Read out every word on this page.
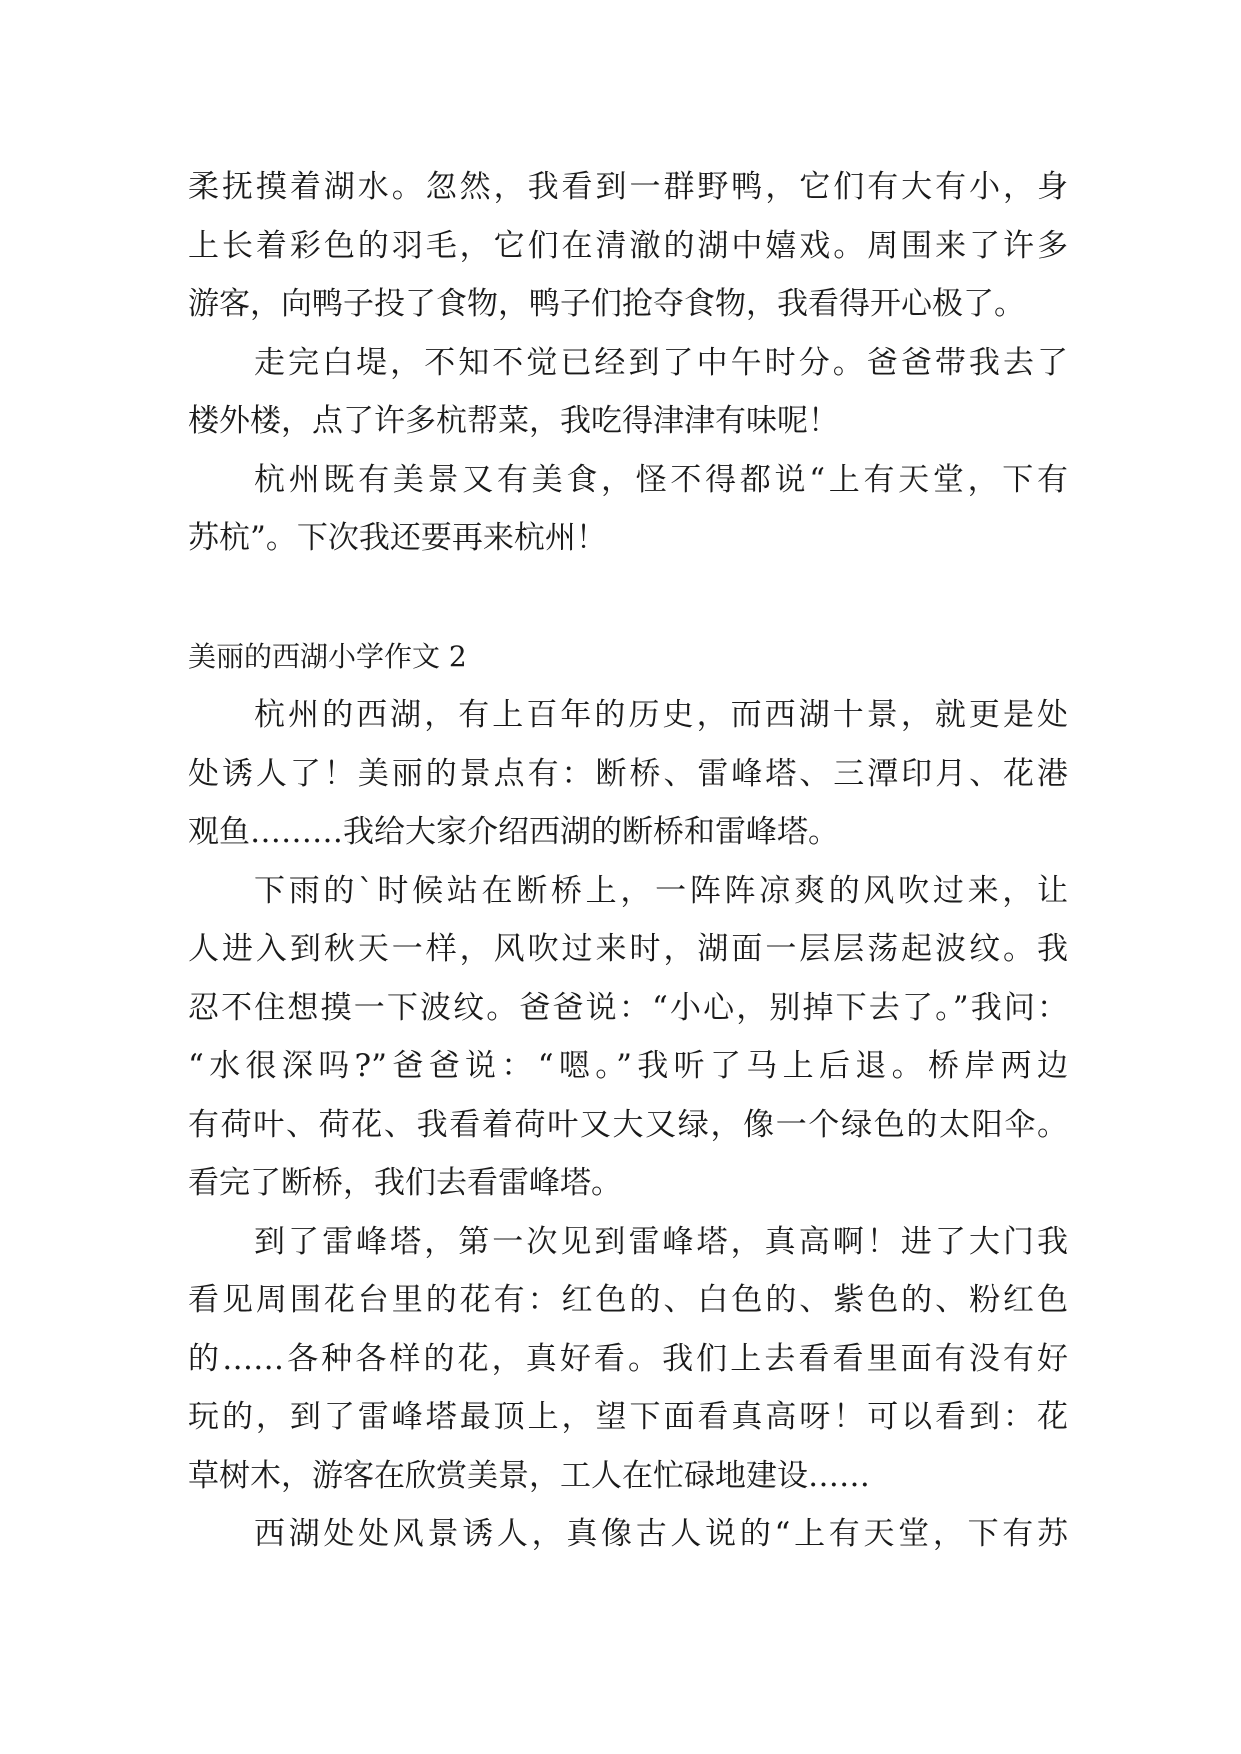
柔抚摸着湖水。忽然，我看到一群野鸭，它们有大有小，身
上长着彩色的羽毛，它们在清澈的湖中嬉戏。周围来了许多
游客，向鸭子投了食物，鸭子们抢夺食物，我看得开心极了。
走完白堤，不知不觉已经到了中午时分。爸爸带我去了
楼外楼，点了许多杭帮菜，我吃得津津有味呢！
杭州既有美景又有美食，怪不得都说“上有天堂，下有
苏杭”。下次我还要再来杭州！
美丽的西湖小学作文 2
杭州的西湖，有上百年的历史，而西湖十景，就更是处
处诱人了！美丽的景点有：断桥、雷峰塔、三潭印月、花港
观鱼………我给大家介绍西湖的断桥和雷峰塔。
下雨的`时候站在断桥上，一阵阵凉爽的风吹过来，让
人进入到秋天一样，风吹过来时，湖面一层层荡起波纹。我
忍不住想摸一下波纹。爸爸说：“小心，别掉下去了。”我问：
“水很深吗?”爸爸说：“嗯。”我听了马上后退。桥岸两边
有荷叶、荷花、我看着荷叶又大又绿，像一个绿色的太阳伞。
看完了断桥，我们去看雷峰塔。
到了雷峰塔，第一次见到雷峰塔，真高啊！进了大门我
看见周围花台里的花有：红色的、白色的、紫色的、粉红色
的……各种各样的花，真好看。我们上去看看里面有没有好
玩的，到了雷峰塔最顶上，望下面看真高呀！可以看到：花
草树木，游客在欣赏美景，工人在忙碌地建设……
西湖处处风景诱人，真像古人说的“上有天堂，下有苏
